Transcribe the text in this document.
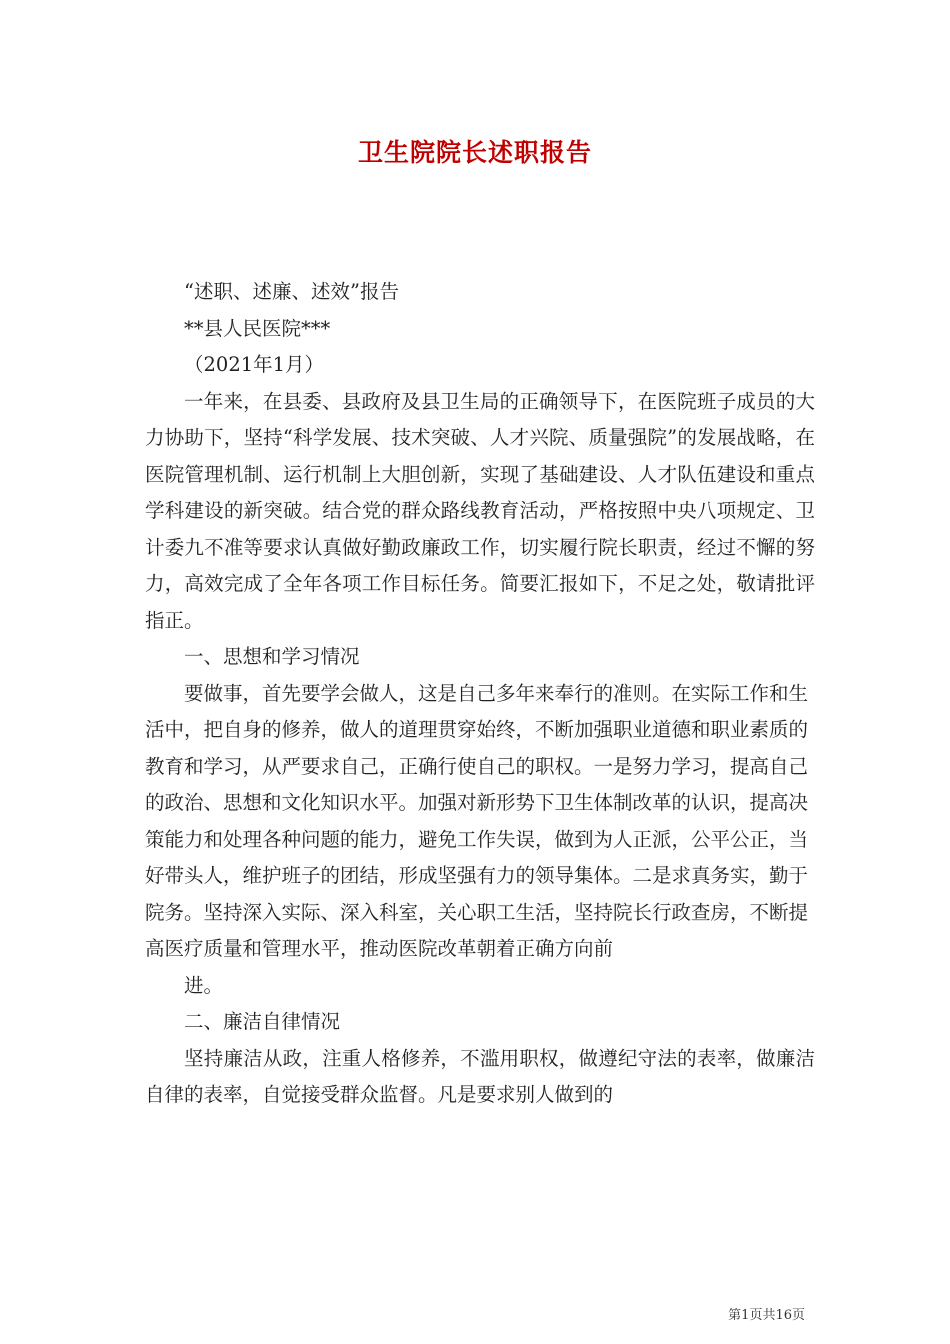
卫生院院长述职报告

“述职、述廉、述效”报告

**县人民医院***

（2021年1月）

一年来，在县委、县政府及县卫生局的正确领导下，在医院班子成员的大力协助下，坚持“科学发展、技术突破、人才兴院、质量强院”的发展战略，在医院管理机制、运行机制上大胆创新，实现了基础建设、人才队伍建设和重点学科建设的新突破。结合党的群众路线教育活动，严格按照中央八项规定、卫计委九不准等要求认真做好勤政廉政工作，切实履行院长职责，经过不懈的努力，高效完成了全年各项工作目标任务。简要汇报如下，不足之处，敬请批评指正。

一、思想和学习情况

要做事，首先要学会做人，这是自己多年来奉行的准则。在实际工作和生活中，把自身的修养，做人的道理贯穿始终，不断加强职业道德和职业素质的教育和学习，从严要求自己，正确行使自己的职权。一是努力学习，提高自己的政治、思想和文化知识水平。加强对新形势下卫生体制改革的认识，提高决策能力和处理各种问题的能力，避免工作失误，做到为人正派，公平公正，当好带头人，维护班子的团结，形成坚强有力的领导集体。二是求真务实，勤于院务。坚持深入实际、深入科室，关心职工生活，坚持院长行政查房，不断提高医疗质量和管理水平，推动医院改革朝着正确方向前

进。

二、廉洁自律情况

坚持廉洁从政，注重人格修养，不滥用职权，做遵纪守法的表率，做廉洁自律的表率，自觉接受群众监督。凡是要求别人做到的

第1页共16页
